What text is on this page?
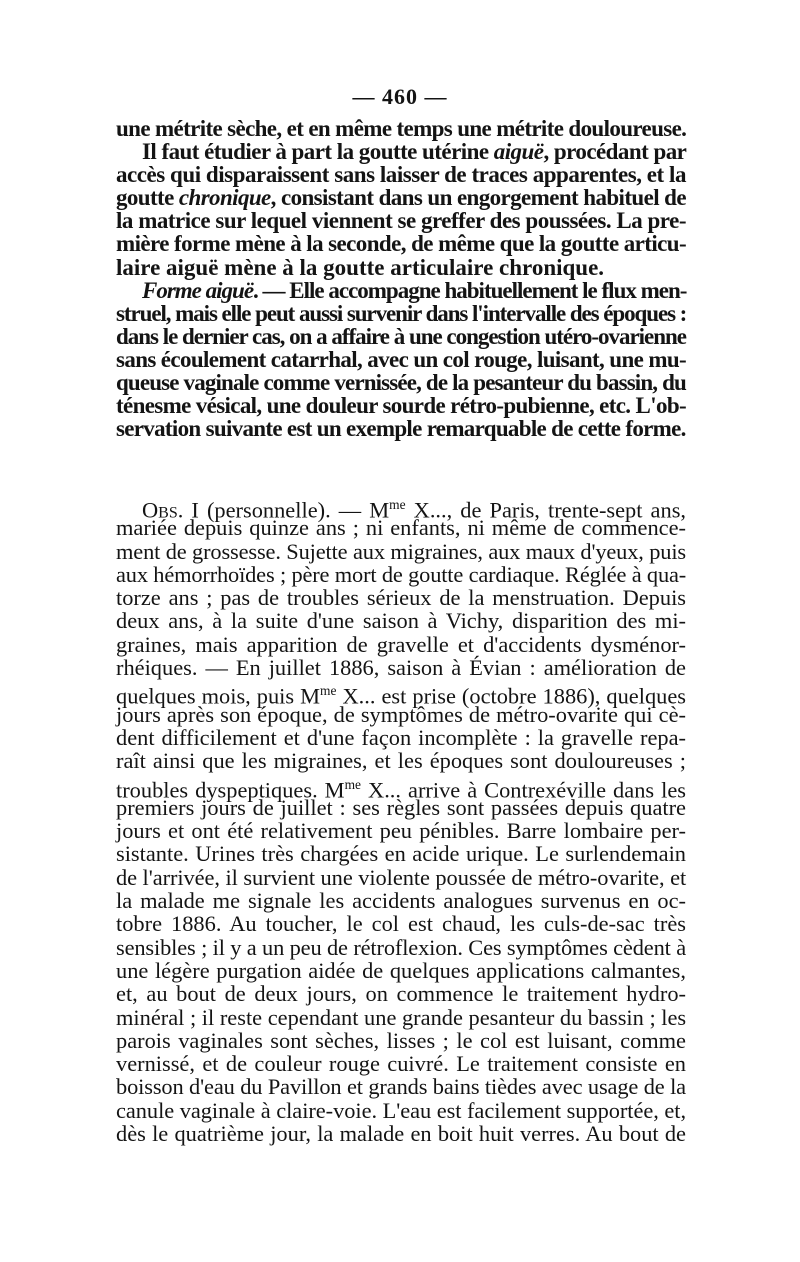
— 460 —
une métrite sèche, et en même temps une métrite douloureuse.
Il faut étudier à part la goutte utérine aiguë, procédant par
accès qui disparaissent sans laisser de traces apparentes, et la
goutte chronique, consistant dans un engorgement habituel de
la matrice sur lequel viennent se greffer des poussées. La pre-
mière forme mène à la seconde, de même que la goutte articu-
laire aiguë mène à la goutte articulaire chronique.
Forme aiguë. — Elle accompagne habituellement le flux men-
struel, mais elle peut aussi survenir dans l'intervalle des époques :
dans le dernier cas, on a affaire à une congestion utéro-ovarienne
sans écoulement catarrhal, avec un col rouge, luisant, une mu-
queuse vaginale comme vernissée, de la pesanteur du bassin, du
ténesme vésical, une douleur sourde rétro-pubienne, etc. L'ob-
servation suivante est un exemple remarquable de cette forme.
Obs. I (personnelle). — $M^{me}$ X..., de Paris, trente-sept ans,
mariée depuis quinze ans ; ni enfants, ni même de commence-
ment de grossesse. Sujette aux migraines, aux maux d'yeux, puis
aux hémorrhoïdes ; père mort de goutte cardiaque. Réglée à qua-
torze ans ; pas de troubles sérieux de la menstruation. Depuis
deux ans, à la suite d'une saison à Vichy, disparition des mi-
graines, mais apparition de gravelle et d'accidents dysménor-
rhéiques. — En juillet 1886, saison à Évian : amélioration de
quelques mois, puis $M^{me}$ X... est prise (octobre 1886), quelques
jours après son époque, de symptômes de métro-ovarite qui cè-
dent difficilement et d'une façon incomplète : la gravelle repa-
raît ainsi que les migraines, et les époques sont douloureuses ;
troubles dyspeptiques. $M^{me}$ X... arrive à Contrexéville dans les
premiers jours de juillet : ses règles sont passées depuis quatre
jours et ont été relativement peu pénibles. Barre lombaire per-
sistante. Urines très chargées en acide urique. Le surlendemain
de l'arrivée, il survient une violente poussée de métro-ovarite, et
la malade me signale les accidents analogues survenus en oc-
tobre 1886. Au toucher, le col est chaud, les culs-de-sac très
sensibles ; il y a un peu de rétroflexion. Ces symptômes cèdent à
une légère purgation aidée de quelques applications calmantes,
et, au bout de deux jours, on commence le traitement hydro-
minéral ; il reste cependant une grande pesanteur du bassin ; les
parois vaginales sont sèches, lisses ; le col est luisant, comme
vernissé, et de couleur rouge cuivré. Le traitement consiste en
boisson d'eau du Pavillon et grands bains tièdes avec usage de la
canule vaginale à claire-voie. L'eau est facilement supportée, et,
dès le quatrième jour, la malade en boit huit verres. Au bout de
